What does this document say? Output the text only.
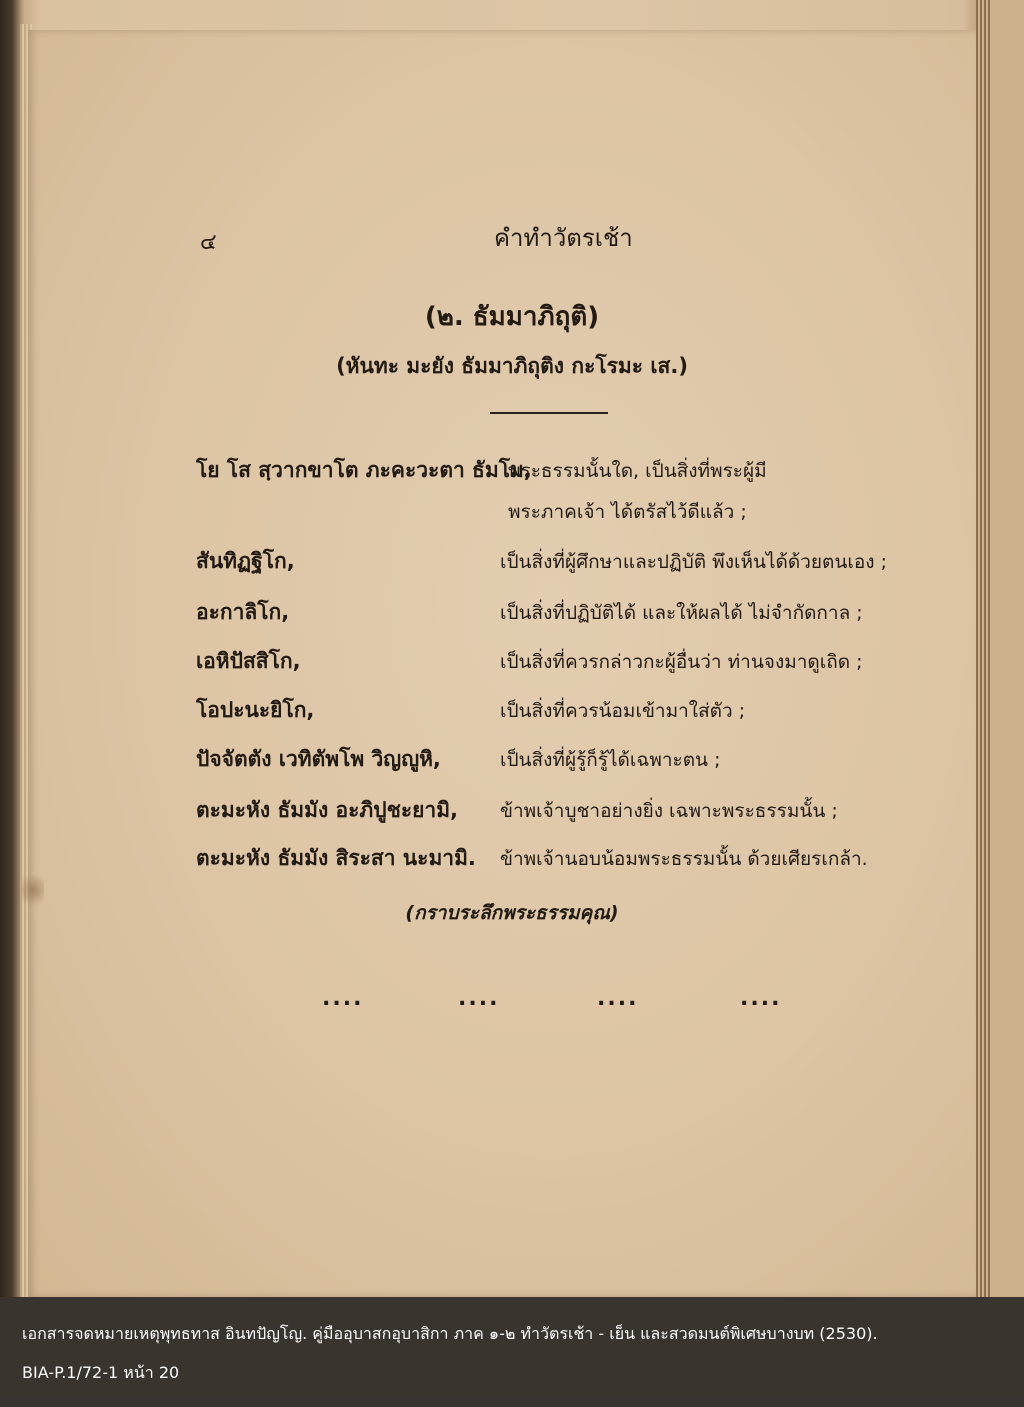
๔	คำทำวัตรเช้า
(๒. ธัมมาภิถุติ)
(หันทะ มะยัง ธัมมาภิถุติง กะโรมะ เส.)
โย โส สฺวากขาโต ภะคะวะตา ธัมโม,
พระธรรมนั้นใด, เป็นสิ่งที่พระผู้มี
พระภาคเจ้า ได้ตรัสไว้ดีแล้ว ;
สันทิฏฐิโก,	เป็นสิ่งที่ผู้ศึกษาและปฏิบัติ พึงเห็นได้ด้วยตนเอง ;
อะกาลิโก,	เป็นสิ่งที่ปฏิบัติได้ และให้ผลได้ ไม่จำกัดกาล ;
เอหิปัสสิโก,	เป็นสิ่งที่ควรกล่าวกะผู้อื่นว่า ท่านจงมาดูเถิด ;
โอปะนะยิโก,	เป็นสิ่งที่ควรน้อมเข้ามาใส่ตัว ;
ปัจจัตตัง เวทิตัพโพ วิญญูหิ,	เป็นสิ่งที่ผู้รู้ก็รู้ได้เฉพาะตน ;
ตะมะหัง ธัมมัง อะภิปูชะยามิ, ข้าพเจ้าบูชาอย่างยิ่ง เฉพาะพระธรรมนั้น ;
ตะมะหัง ธัมมัง สิระสา นะมามิ. ข้าพเจ้านอบน้อมพระธรรมนั้น ด้วยเศียรเกล้า.
(กราบระลึกพระธรรมคุณ)
....	....	....	....
เอกสารจดหมายเหตุพุทธทาส อินทปัญโญ. คู่มืออุบาสกอุบาสิกา ภาค ๑-๒ ทำวัตรเช้า - เย็น และสวดมนต์พิเศษบางบท (2530).
BIA-P.1/72-1 หน้า 20
